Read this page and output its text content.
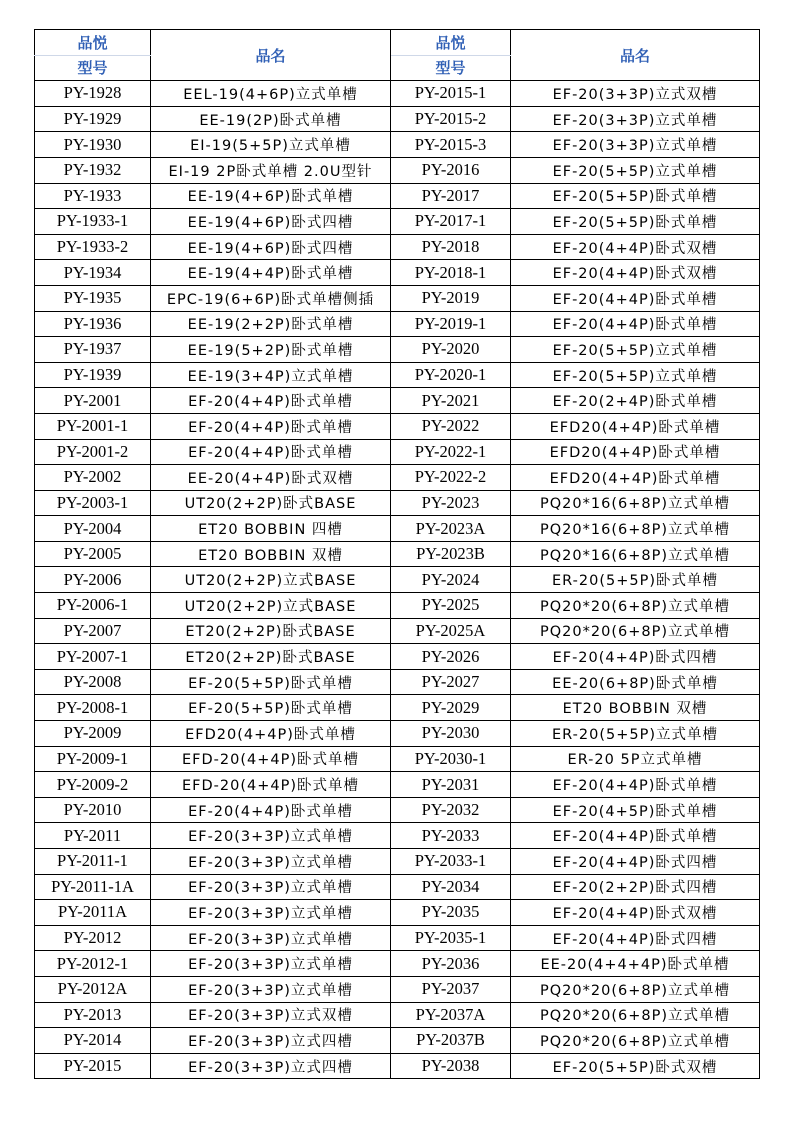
品悦	品名	品悦	品名
型号		型号	
PY-1928	EEL-19(4+6P)立式单槽	PY-2015-1	EF-20(3+3P)立式双槽
PY-1929	EE-19(2P)卧式单槽	PY-2015-2	EF-20(3+3P)立式单槽
PY-1930	EI-19(5+5P)立式单槽	PY-2015-3	EF-20(3+3P)立式单槽
PY-1932	EI-19 2P卧式单槽 2.0U型针	PY-2016	EF-20(5+5P)立式单槽
PY-1933	EE-19(4+6P)卧式单槽	PY-2017	EF-20(5+5P)卧式单槽
PY-1933-1	EE-19(4+6P)卧式四槽	PY-2017-1	EF-20(5+5P)卧式单槽
PY-1933-2	EE-19(4+6P)卧式四槽	PY-2018	EF-20(4+4P)卧式双槽
PY-1934	EE-19(4+4P)卧式单槽	PY-2018-1	EF-20(4+4P)卧式双槽
PY-1935	EPC-19(6+6P)卧式单槽侧插	PY-2019	EF-20(4+4P)卧式单槽
PY-1936	EE-19(2+2P)卧式单槽	PY-2019-1	EF-20(4+4P)卧式单槽
PY-1937	EE-19(5+2P)卧式单槽	PY-2020	EF-20(5+5P)立式单槽
PY-1939	EE-19(3+4P)立式单槽	PY-2020-1	EF-20(5+5P)立式单槽
PY-2001	EF-20(4+4P)卧式单槽	PY-2021	EF-20(2+4P)卧式单槽
PY-2001-1	EF-20(4+4P)卧式单槽	PY-2022	EFD20(4+4P)卧式单槽
PY-2001-2	EF-20(4+4P)卧式单槽	PY-2022-1	EFD20(4+4P)卧式单槽
PY-2002	EE-20(4+4P)卧式双槽	PY-2022-2	EFD20(4+4P)卧式单槽
PY-2003-1	UT20(2+2P)卧式BASE	PY-2023	PQ20*16(6+8P)立式单槽
PY-2004	ET20 BOBBIN 四槽	PY-2023A	PQ20*16(6+8P)立式单槽
PY-2005	ET20 BOBBIN 双槽	PY-2023B	PQ20*16(6+8P)立式单槽
PY-2006	UT20(2+2P)立式BASE	PY-2024	ER-20(5+5P)卧式单槽
PY-2006-1	UT20(2+2P)立式BASE	PY-2025	PQ20*20(6+8P)立式单槽
PY-2007	ET20(2+2P)卧式BASE	PY-2025A	PQ20*20(6+8P)立式单槽
PY-2007-1	ET20(2+2P)卧式BASE	PY-2026	EF-20(4+4P)卧式四槽
PY-2008	EF-20(5+5P)卧式单槽	PY-2027	EE-20(6+8P)卧式单槽
PY-2008-1	EF-20(5+5P)卧式单槽	PY-2029	ET20 BOBBIN 双槽
PY-2009	EFD20(4+4P)卧式单槽	PY-2030	ER-20(5+5P)立式单槽
PY-2009-1	EFD-20(4+4P)卧式单槽	PY-2030-1	ER-20 5P立式单槽
PY-2009-2	EFD-20(4+4P)卧式单槽	PY-2031	EF-20(4+4P)卧式单槽
PY-2010	EF-20(4+4P)卧式单槽	PY-2032	EF-20(4+5P)卧式单槽
PY-2011	EF-20(3+3P)立式单槽	PY-2033	EF-20(4+4P)卧式单槽
PY-2011-1	EF-20(3+3P)立式单槽	PY-2033-1	EF-20(4+4P)卧式四槽
PY-2011-1A	EF-20(3+3P)立式单槽	PY-2034	EF-20(2+2P)卧式四槽
PY-2011A	EF-20(3+3P)立式单槽	PY-2035	EF-20(4+4P)卧式双槽
PY-2012	EF-20(3+3P)立式单槽	PY-2035-1	EF-20(4+4P)卧式四槽
PY-2012-1	EF-20(3+3P)立式单槽	PY-2036	EE-20(4+4+4P)卧式单槽
PY-2012A	EF-20(3+3P)立式单槽	PY-2037	PQ20*20(6+8P)立式单槽
PY-2013	EF-20(3+3P)立式双槽	PY-2037A	PQ20*20(6+8P)立式单槽
PY-2014	EF-20(3+3P)立式四槽	PY-2037B	PQ20*20(6+8P)立式单槽
PY-2015	EF-20(3+3P)立式四槽	PY-2038	EF-20(5+5P)卧式双槽
